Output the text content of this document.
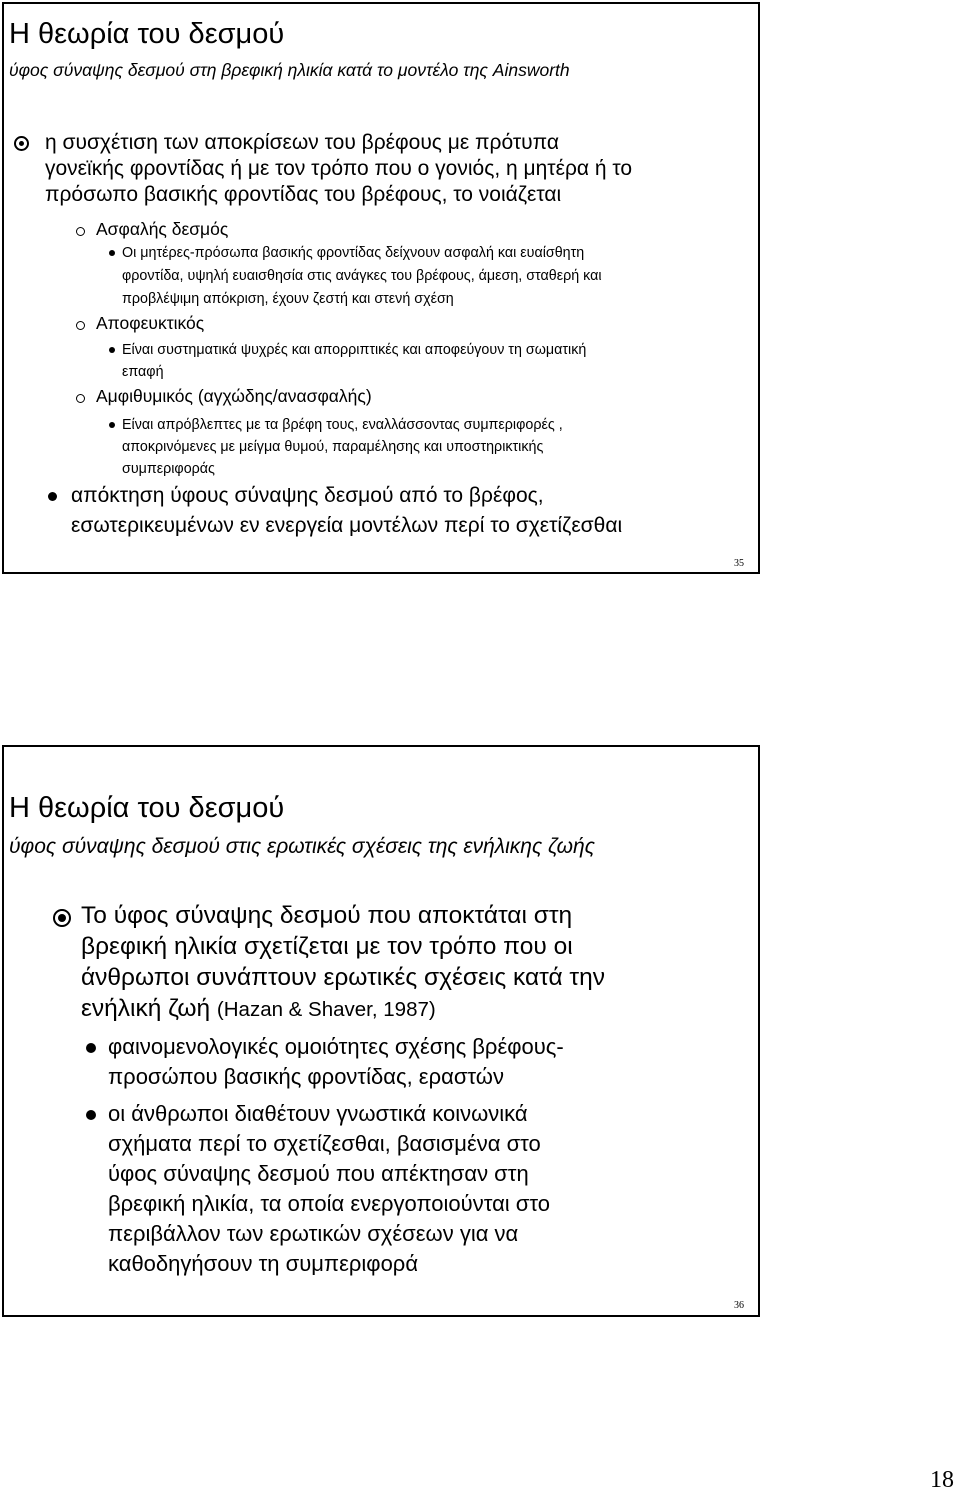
Η θεωρία του δεσμού
ύφος σύναψης δεσμού στη βρεφική ηλικία κατά το μοντέλο της Ainsworth
η συσχέτιση των αποκρίσεων του βρέφους με πρότυπα
γονεϊκής φροντίδας ή με τον τρόπο που ο γονιός, η μητέρα ή το
πρόσωπο βασικής φροντίδας του βρέφους, το νοιάζεται
Ασφαλής δεσμός
Οι μητέρες-πρόσωπα βασικής φροντίδας δείχνουν ασφαλή και ευαίσθητη
φροντίδα, υψηλή ευαισθησία στις ανάγκες του βρέφους, άμεση, σταθερή και
προβλέψιμη απόκριση, έχουν ζεστή και στενή σχέση
Αποφευκτικός
Είναι συστηματικά ψυχρές και απορριπτικές και αποφεύγουν τη σωματική
επαφή
Αμφιθυμικός (αγχώδης/ανασφαλής)
Είναι απρόβλεπτες με τα βρέφη τους, εναλλάσσοντας συμπεριφορές ,
αποκρινόμενες με μείγμα θυμού, παραμέλησης και υποστηρικτικής
συμπεριφοράς
απόκτηση ύφους σύναψης δεσμού από το βρέφος,
εσωτερικευμένων εν ενεργεία μοντέλων περί το σχετίζεσθαι
35
Η θεωρία του δεσμού
ύφος σύναψης δεσμού στις ερωτικές σχέσεις της ενήλικης ζωής
Το ύφος σύναψης δεσμού που αποκτάται στη
βρεφική ηλικία σχετίζεται με τον τρόπο που οι
άνθρωποι συνάπτουν ερωτικές σχέσεις κατά την
ενήλική ζωή (Hazan & Shaver, 1987)
φαινομενολογικές ομοιότητες σχέσης βρέφους-
προσώπου βασικής φροντίδας, εραστών
οι άνθρωποι διαθέτουν γνωστικά κοινωνικά
σχήματα περί το σχετίζεσθαι, βασισμένα στο
ύφος σύναψης δεσμού που απέκτησαν στη
βρεφική ηλικία, τα οποία ενεργοποιούνται στο
περιβάλλον των ερωτικών σχέσεων για να
καθοδηγήσουν τη συμπεριφορά
36
18
